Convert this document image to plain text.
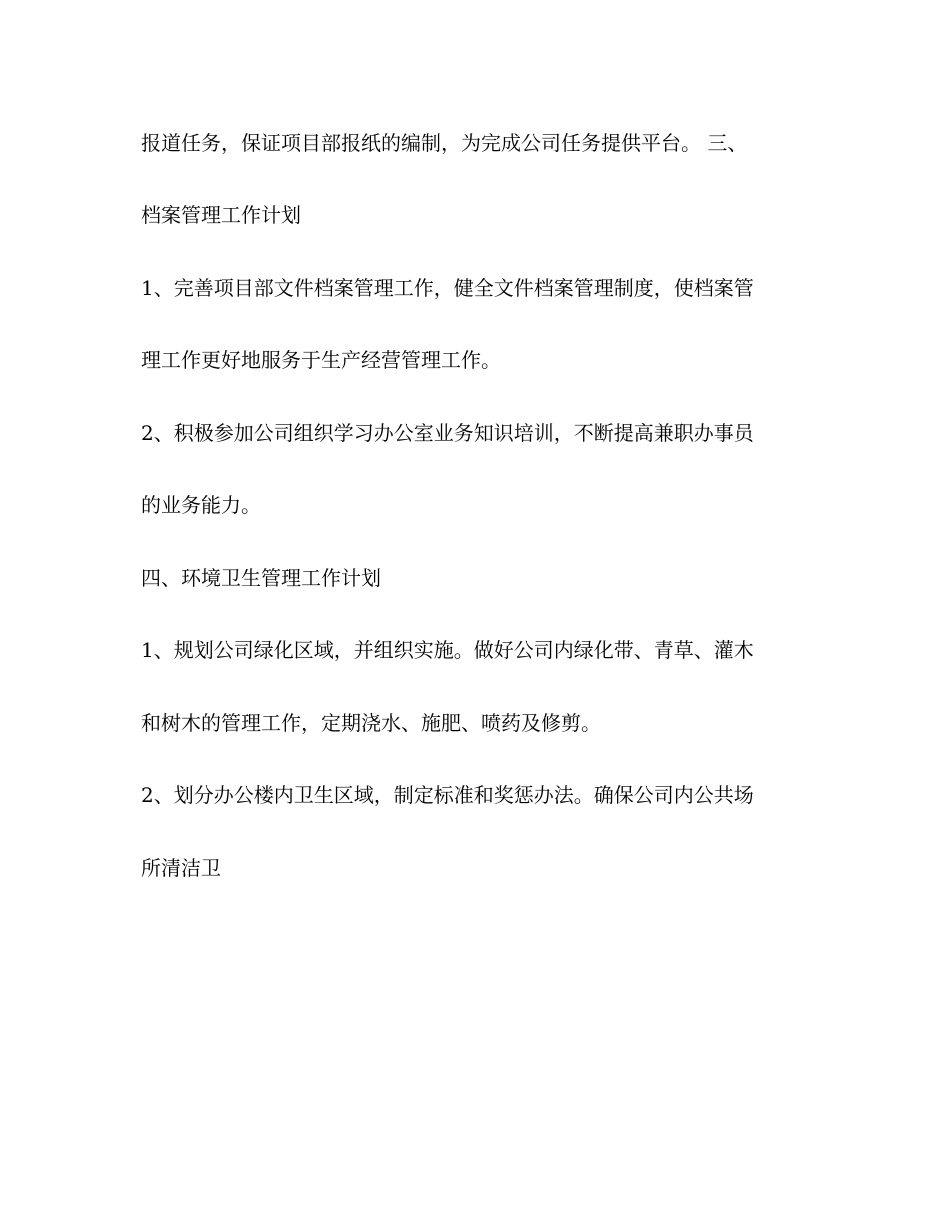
报道任务，保证项目部报纸的编制，为完成公司任务提供平台。 三、
档案管理工作计划
1、完善项目部文件档案管理工作，健全文件档案管理制度，使档案管
理工作更好地服务于生产经营管理工作。
2、积极参加公司组织学习办公室业务知识培训，不断提高兼职办事员
的业务能力。
四、环境卫生管理工作计划
1、规划公司绿化区域，并组织实施。做好公司内绿化带、青草、灌木
和树木的管理工作，定期浇水、施肥、喷药及修剪。
2、划分办公楼内卫生区域，制定标准和奖惩办法。确保公司内公共场
所清洁卫
